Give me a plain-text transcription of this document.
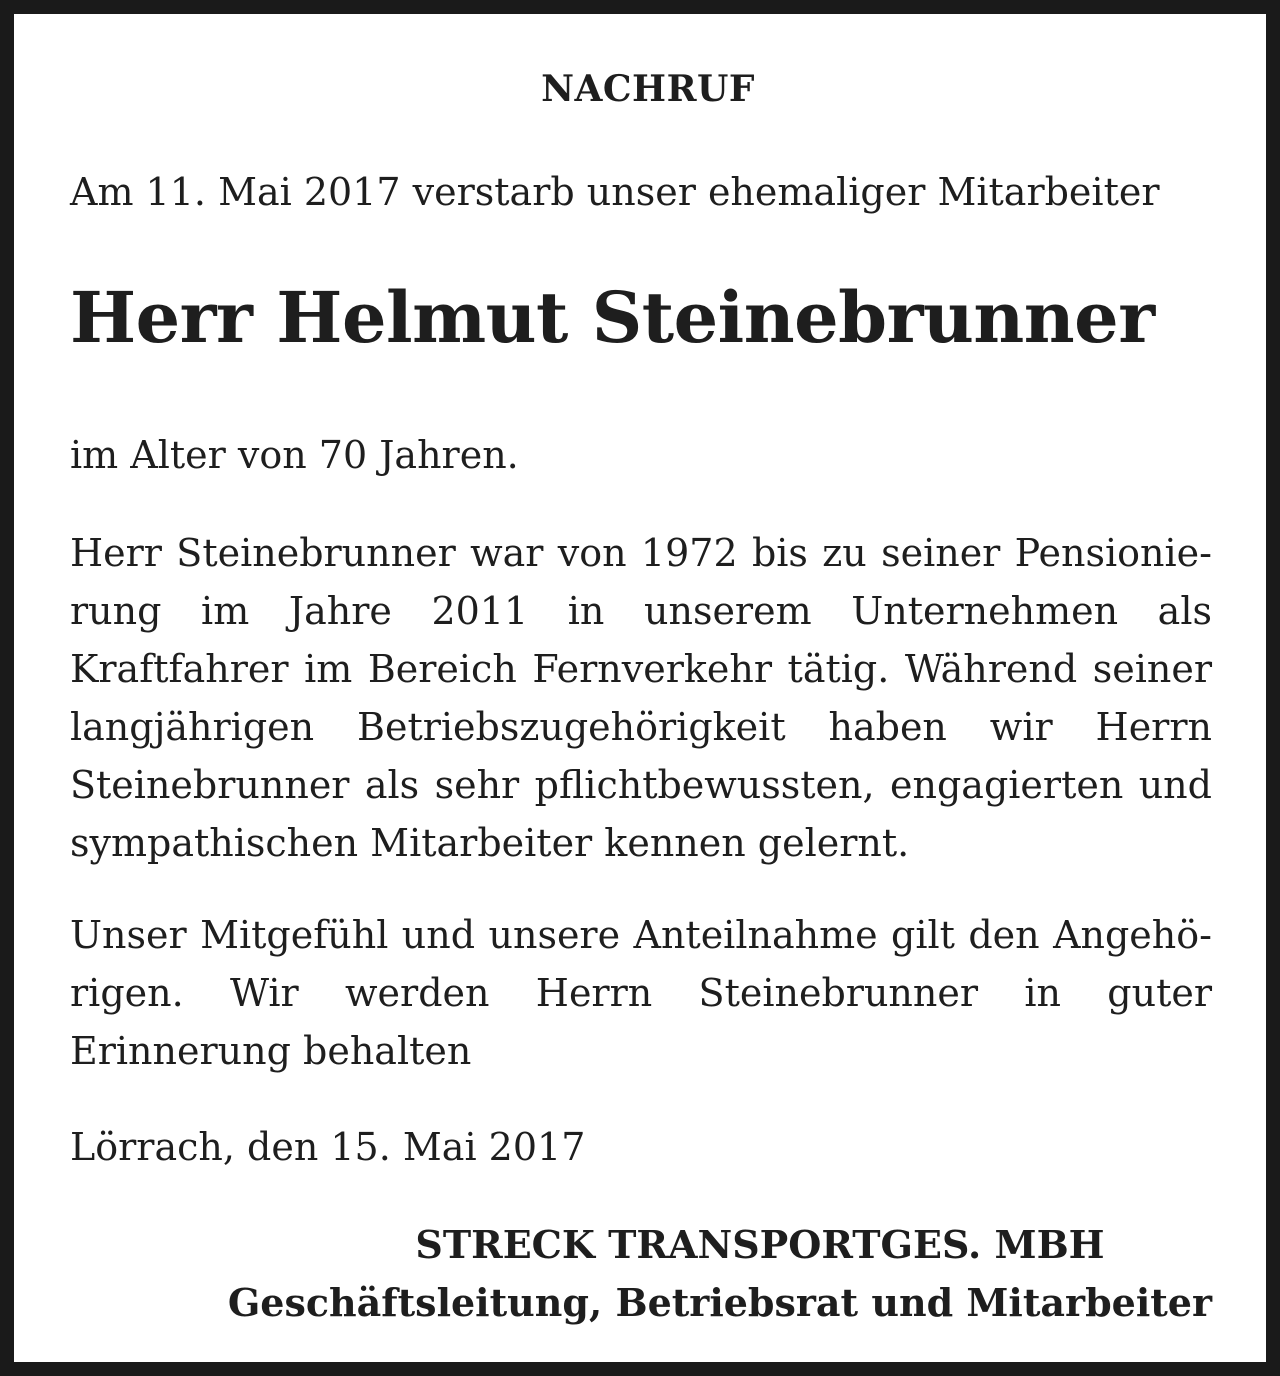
NACHRUF

Am 11. Mai 2017 verstarb unser ehemaliger Mitarbeiter

Herr Helmut Steinebrunner

im Alter von 70 Jahren.

Herr Steinebrunner war von 1972 bis zu seiner Pensionierung im Jahre 2011 in unserem Unternehmen als Kraftfahrer im Bereich Fernverkehr tätig. Während seiner langjährigen Betriebszugehörigkeit haben wir Herrn Steinebrunner als sehr pflichtbewussten, engagierten und sympathischen Mitarbeiter kennen gelernt.

Unser Mitgefühl und unsere Anteilnahme gilt den Angehörigen. Wir werden Herrn Steinebrunner in guter Erinnerung behalten

Lörrach, den 15. Mai 2017

STRECK TRANSPORTGES. MBH

Geschäftsleitung, Betriebsrat und Mitarbeiter
